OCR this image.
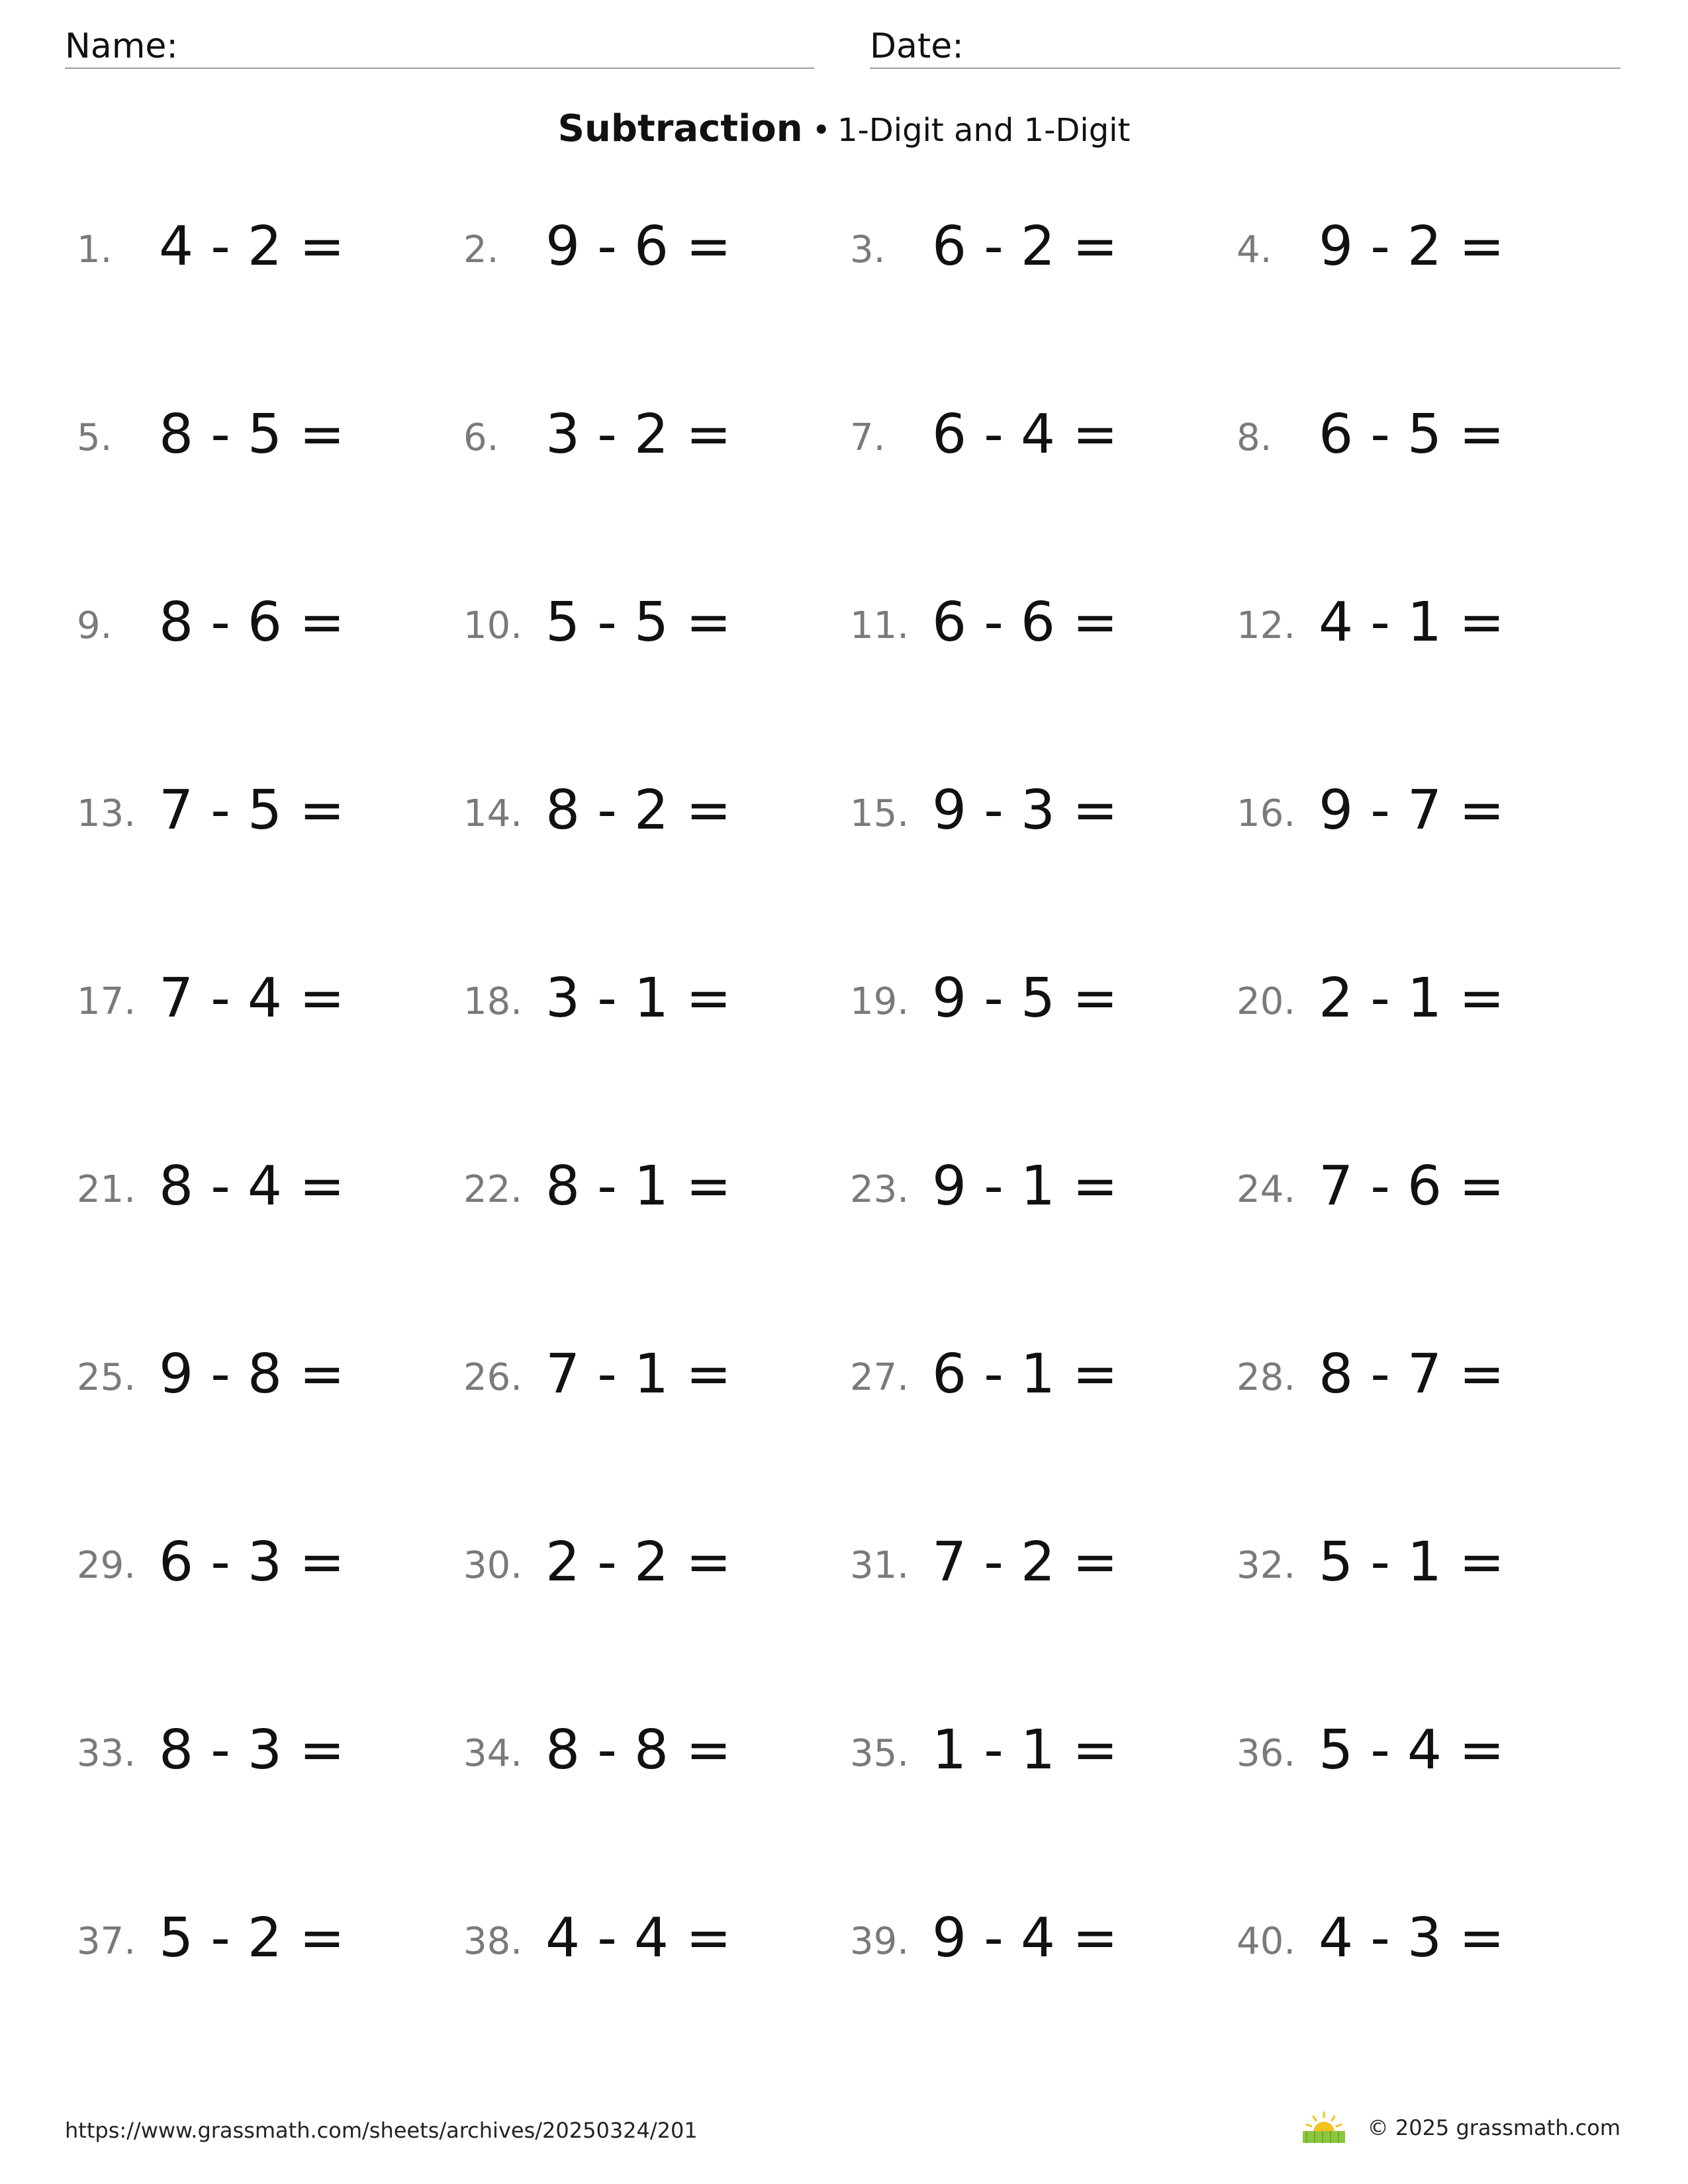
Name:	Date:
Subtraction • 1-Digit and 1-Digit
1. 4 - 2 =	2. 9 - 6 =	3. 6 - 2 =	4. 9 - 2 =
5. 8 - 5 =	6. 3 - 2 =	7. 6 - 4 =	8. 6 - 5 =
9. 8 - 6 =	10. 5 - 5 =	11. 6 - 6 =	12. 4 - 1 =
13. 7 - 5 =	14. 8 - 2 =	15. 9 - 3 =	16. 9 - 7 =
17. 7 - 4 =	18. 3 - 1 =	19. 9 - 5 =	20. 2 - 1 =
21. 8 - 4 =	22. 8 - 1 =	23. 9 - 1 =	24. 7 - 6 =
25. 9 - 8 =	26. 7 - 1 =	27. 6 - 1 =	28. 8 - 7 =
29. 6 - 3 =	30. 2 - 2 =	31. 7 - 2 =	32. 5 - 1 =
33. 8 - 3 =	34. 8 - 8 =	35. 1 - 1 =	36. 5 - 4 =
37. 5 - 2 =	38. 4 - 4 =	39. 9 - 4 =	40. 4 - 3 =
https://www.grassmath.com/sheets/archives/20250324/201	© 2025 grassmath.com
